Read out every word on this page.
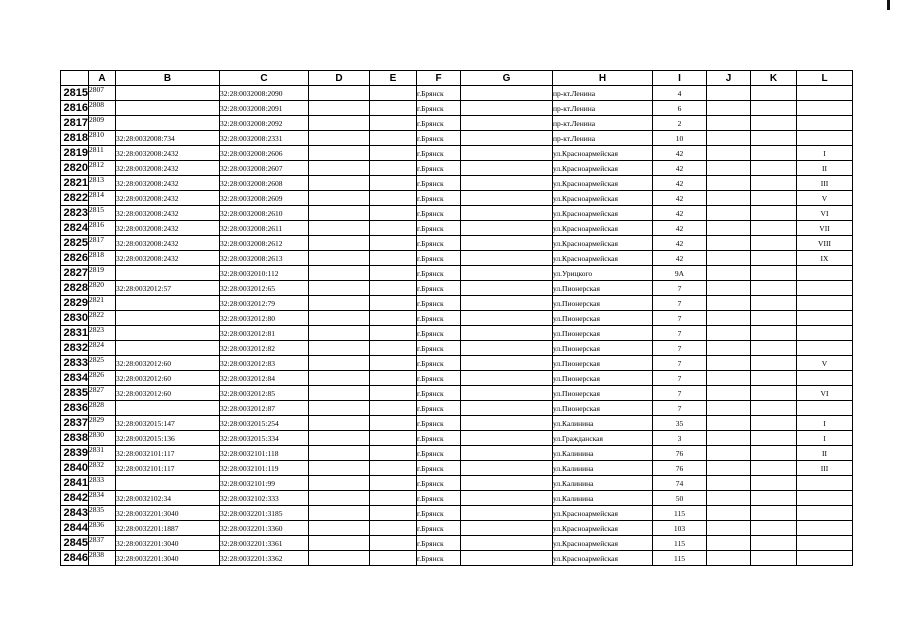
	A	B	C	D	E	F	G	H	I	J	K	L
2815	2807		32:28:0032008:2090			г.Брянск		пр-кт.Ленина	4			
2816	2808		32:28:0032008:2091			г.Брянск		пр-кт.Ленина	6			
2817	2809		32:28:0032008:2092			г.Брянск		пр-кт.Ленина	2			
2818	2810	32:28:0032008:734	32:28:0032008:2331			г.Брянск		пр-кт.Ленина	10			
2819	2811	32:28:0032008:2432	32:28:0032008:2606			г.Брянск		ул.Красноармейская	42			I
2820	2812	32:28:0032008:2432	32:28:0032008:2607			г.Брянск		ул.Красноармейская	42			II
2821	2813	32:28:0032008:2432	32:28:0032008:2608			г.Брянск		ул.Красноармейская	42			III
2822	2814	32:28:0032008:2432	32:28:0032008:2609			г.Брянск		ул.Красноармейская	42			V
2823	2815	32:28:0032008:2432	32:28:0032008:2610			г.Брянск		ул.Красноармейская	42			VI
2824	2816	32:28:0032008:2432	32:28:0032008:2611			г.Брянск		ул.Красноармейская	42			VII
2825	2817	32:28:0032008:2432	32:28:0032008:2612			г.Брянск		ул.Красноармейская	42			VIII
2826	2818	32:28:0032008:2432	32:28:0032008:2613			г.Брянск		ул.Красноармейская	42			IX
2827	2819		32:28:0032010:112			г.Брянск		ул.Урицкого	9А			
2828	2820	32:28:0032012:57	32:28:0032012:65			г.Брянск		ул.Пионерская	7			
2829	2821		32:28:0032012:79			г.Брянск		ул.Пионерская	7			
2830	2822		32:28:0032012:80			г.Брянск		ул.Пионерская	7			
2831	2823		32:28:0032012:81			г.Брянск		ул.Пионерская	7			
2832	2824		32:28:0032012:82			г.Брянск		ул.Пионерская	7			
2833	2825	32:28:0032012:60	32:28:0032012:83			г.Брянск		ул.Пионерская	7			V
2834	2826	32:28:0032012:60	32:28:0032012:84			г.Брянск		ул.Пионерская	7			
2835	2827	32:28:0032012:60	32:28:0032012:85			г.Брянск		ул.Пионерская	7			VI
2836	2828		32:28:0032012:87			г.Брянск		ул.Пионерская	7			
2837	2829	32:28:0032015:147	32:28:0032015:254			г.Брянск		ул.Калинина	35			I
2838	2830	32:28:0032015:136	32:28:0032015:334			г.Брянск		ул.Гражданская	3			I
2839	2831	32:28:0032101:117	32:28:0032101:118			г.Брянск		ул.Калинина	76			II
2840	2832	32:28:0032101:117	32:28:0032101:119			г.Брянск		ул.Калинина	76			III
2841	2833		32:28:0032101:99			г.Брянск		ул.Калинина	74			
2842	2834	32:28:0032102:34	32:28:0032102:333			г.Брянск		ул.Калинина	50			
2843	2835	32:28:0032201:3040	32:28:0032201:3185			г.Брянск		ул.Красноармейская	115			
2844	2836	32:28:0032201:1887	32:28:0032201:3360			г.Брянск		ул.Красноармейская	103			
2845	2837	32:28:0032201:3040	32:28:0032201:3361			г.Брянск		ул.Красноармейская	115			
2846	2838	32:28:0032201:3040	32:28:0032201:3362			г.Брянск		ул.Красноармейская	115			
